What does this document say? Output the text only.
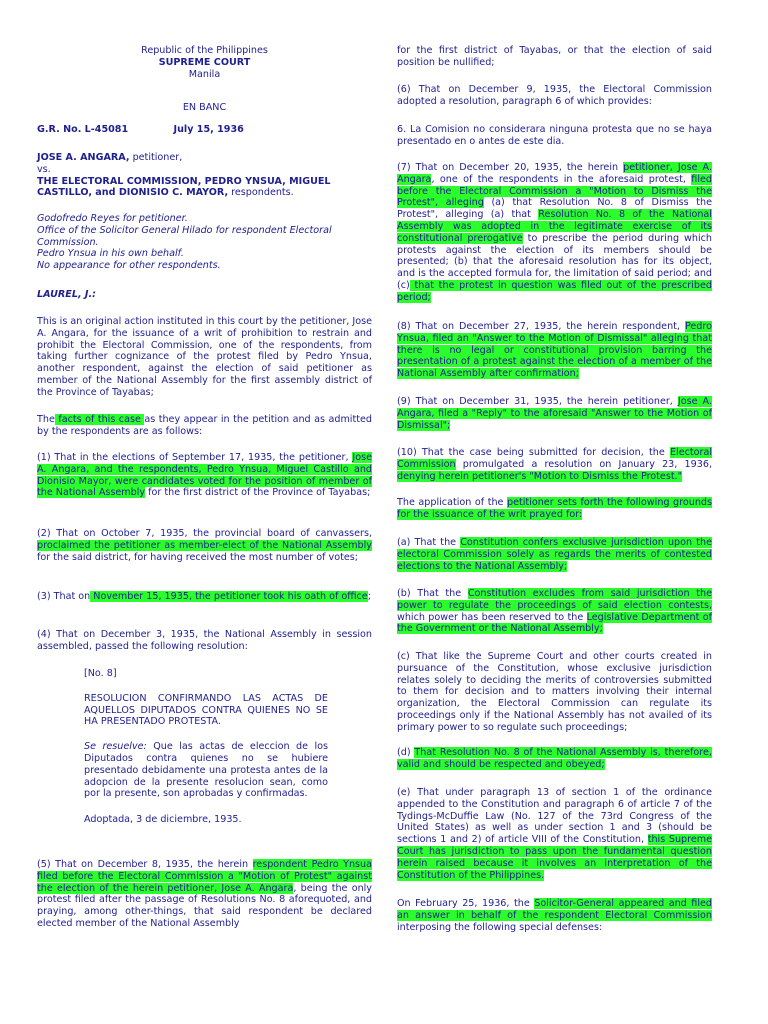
Republic of the Philippines

SUPREME COURT

Manila

EN BANC

G.R. No. L-45081	July 15, 1936

JOSE A. ANGARA, petitioner,

vs.

THE ELECTORAL COMMISSION, PEDRO YNSUA, MIGUEL CASTILLO, and DIONISIO C. MAYOR, respondents.

Godofredo Reyes for petitioner.

Office of the Solicitor General Hilado for respondent Electoral Commission.

Pedro Ynsua in his own behalf.

No appearance for other respondents.

LAUREL, J.:

This is an original action instituted in this court by the petitioner, Jose A. Angara, for the issuance of a writ of prohibition to restrain and prohibit the Electoral Commission, one of the respondents, from taking further cognizance of the protest filed by Pedro Ynsua, another respondent, against the election of said petitioner as member of the National Assembly for the first assembly district of the Province of Tayabas;

The facts of this case as they appear in the petition and as admitted by the respondents are as follows:

(1) That in the elections of September 17, 1935, the petitioner, Jose A. Angara, and the respondents, Pedro Ynsua, Miguel Castillo and Dionisio Mayor, were candidates voted for the position of member of the National Assembly for the first district of the Province of Tayabas;

(2) That on October 7, 1935, the provincial board of canvassers, proclaimed the petitioner as member-elect of the National Assembly for the said district, for having received the most number of votes;

(3) That on November 15, 1935, the petitioner took his oath of office;

(4) That on December 3, 1935, the National Assembly in session assembled, passed the following resolution:

[No. 8]

RESOLUCION CONFIRMANDO LAS ACTAS DE AQUELLOS DIPUTADOS CONTRA QUIENES NO SE HA PRESENTADO PROTESTA.

Se resuelve: Que las actas de eleccion de los Diputados contra quienes no se hubiere presentado debidamente una protesta antes de la adopcion de la presente resolucion sean, como por la presente, son aprobadas y confirmadas.

Adoptada, 3 de diciembre, 1935.

(5) That on December 8, 1935, the herein respondent Pedro Ynsua filed before the Electoral Commission a "Motion of Protest" against the election of the herein petitioner, Jose A. Angara, being the only protest filed after the passage of Resolutions No. 8 aforequoted, and praying, among other-things, that said respondent be declared elected member of the National Assembly

for the first district of Tayabas, or that the election of said position be nullified;

(6) That on December 9, 1935, the Electoral Commission adopted a resolution, paragraph 6 of which provides:

6. La Comision no considerara ninguna protesta que no se haya presentado en o antes de este dia.

(7) That on December 20, 1935, the herein petitioner, Jose A. Angara, one of the respondents in the aforesaid protest, filed before the Electoral Commission a "Motion to Dismiss the Protest", alleging (a) that Resolution No. 8 of Dismiss the Protest", alleging (a) that Resolution No. 8 of the National Assembly was adopted in the legitimate exercise of its constitutional prerogative to prescribe the period during which protests against the election of its members should be presented; (b) that the aforesaid resolution has for its object, and is the accepted formula for, the limitation of said period; and (c) that the protest in question was filed out of the prescribed period;

(8) That on December 27, 1935, the herein respondent, Pedro Ynsua, filed an "Answer to the Motion of Dismissal" alleging that there is no legal or constitutional provision barring the presentation of a protest against the election of a member of the National Assembly after confirmation;

(9) That on December 31, 1935, the herein petitioner, Jose A. Angara, filed a "Reply" to the aforesaid "Answer to the Motion of Dismissal";

(10) That the case being submitted for decision, the Electoral Commission promulgated a resolution on January 23, 1936, denying herein petitioner's "Motion to Dismiss the Protest."

The application of the petitioner sets forth the following grounds for the issuance of the writ prayed for:

(a) That the Constitution confers exclusive jurisdiction upon the electoral Commission solely as regards the merits of contested elections to the National Assembly;

(b) That the Constitution excludes from said jurisdiction the power to regulate the proceedings of said election contests, which power has been reserved to the Legislative Department of the Government or the National Assembly;

(c) That like the Supreme Court and other courts created in pursuance of the Constitution, whose exclusive jurisdiction relates solely to deciding the merits of controversies submitted to them for decision and to matters involving their internal organization, the Electoral Commission can regulate its proceedings only if the National Assembly has not availed of its primary power to so regulate such proceedings;

(d) That Resolution No. 8 of the National Assembly is, therefore, valid and should be respected and obeyed;

(e) That under paragraph 13 of section 1 of the ordinance appended to the Constitution and paragraph 6 of article 7 of the Tydings-McDuffie Law (No. 127 of the 73rd Congress of the United States) as well as under section 1 and 3 (should be sections 1 and 2) of article VIII of the Constitution, this Supreme Court has jurisdiction to pass upon the fundamental question herein raised because it involves an interpretation of the Constitution of the Philippines.

On February 25, 1936, the Solicitor-General appeared and filed an answer in behalf of the respondent Electoral Commission interposing the following special defenses:
